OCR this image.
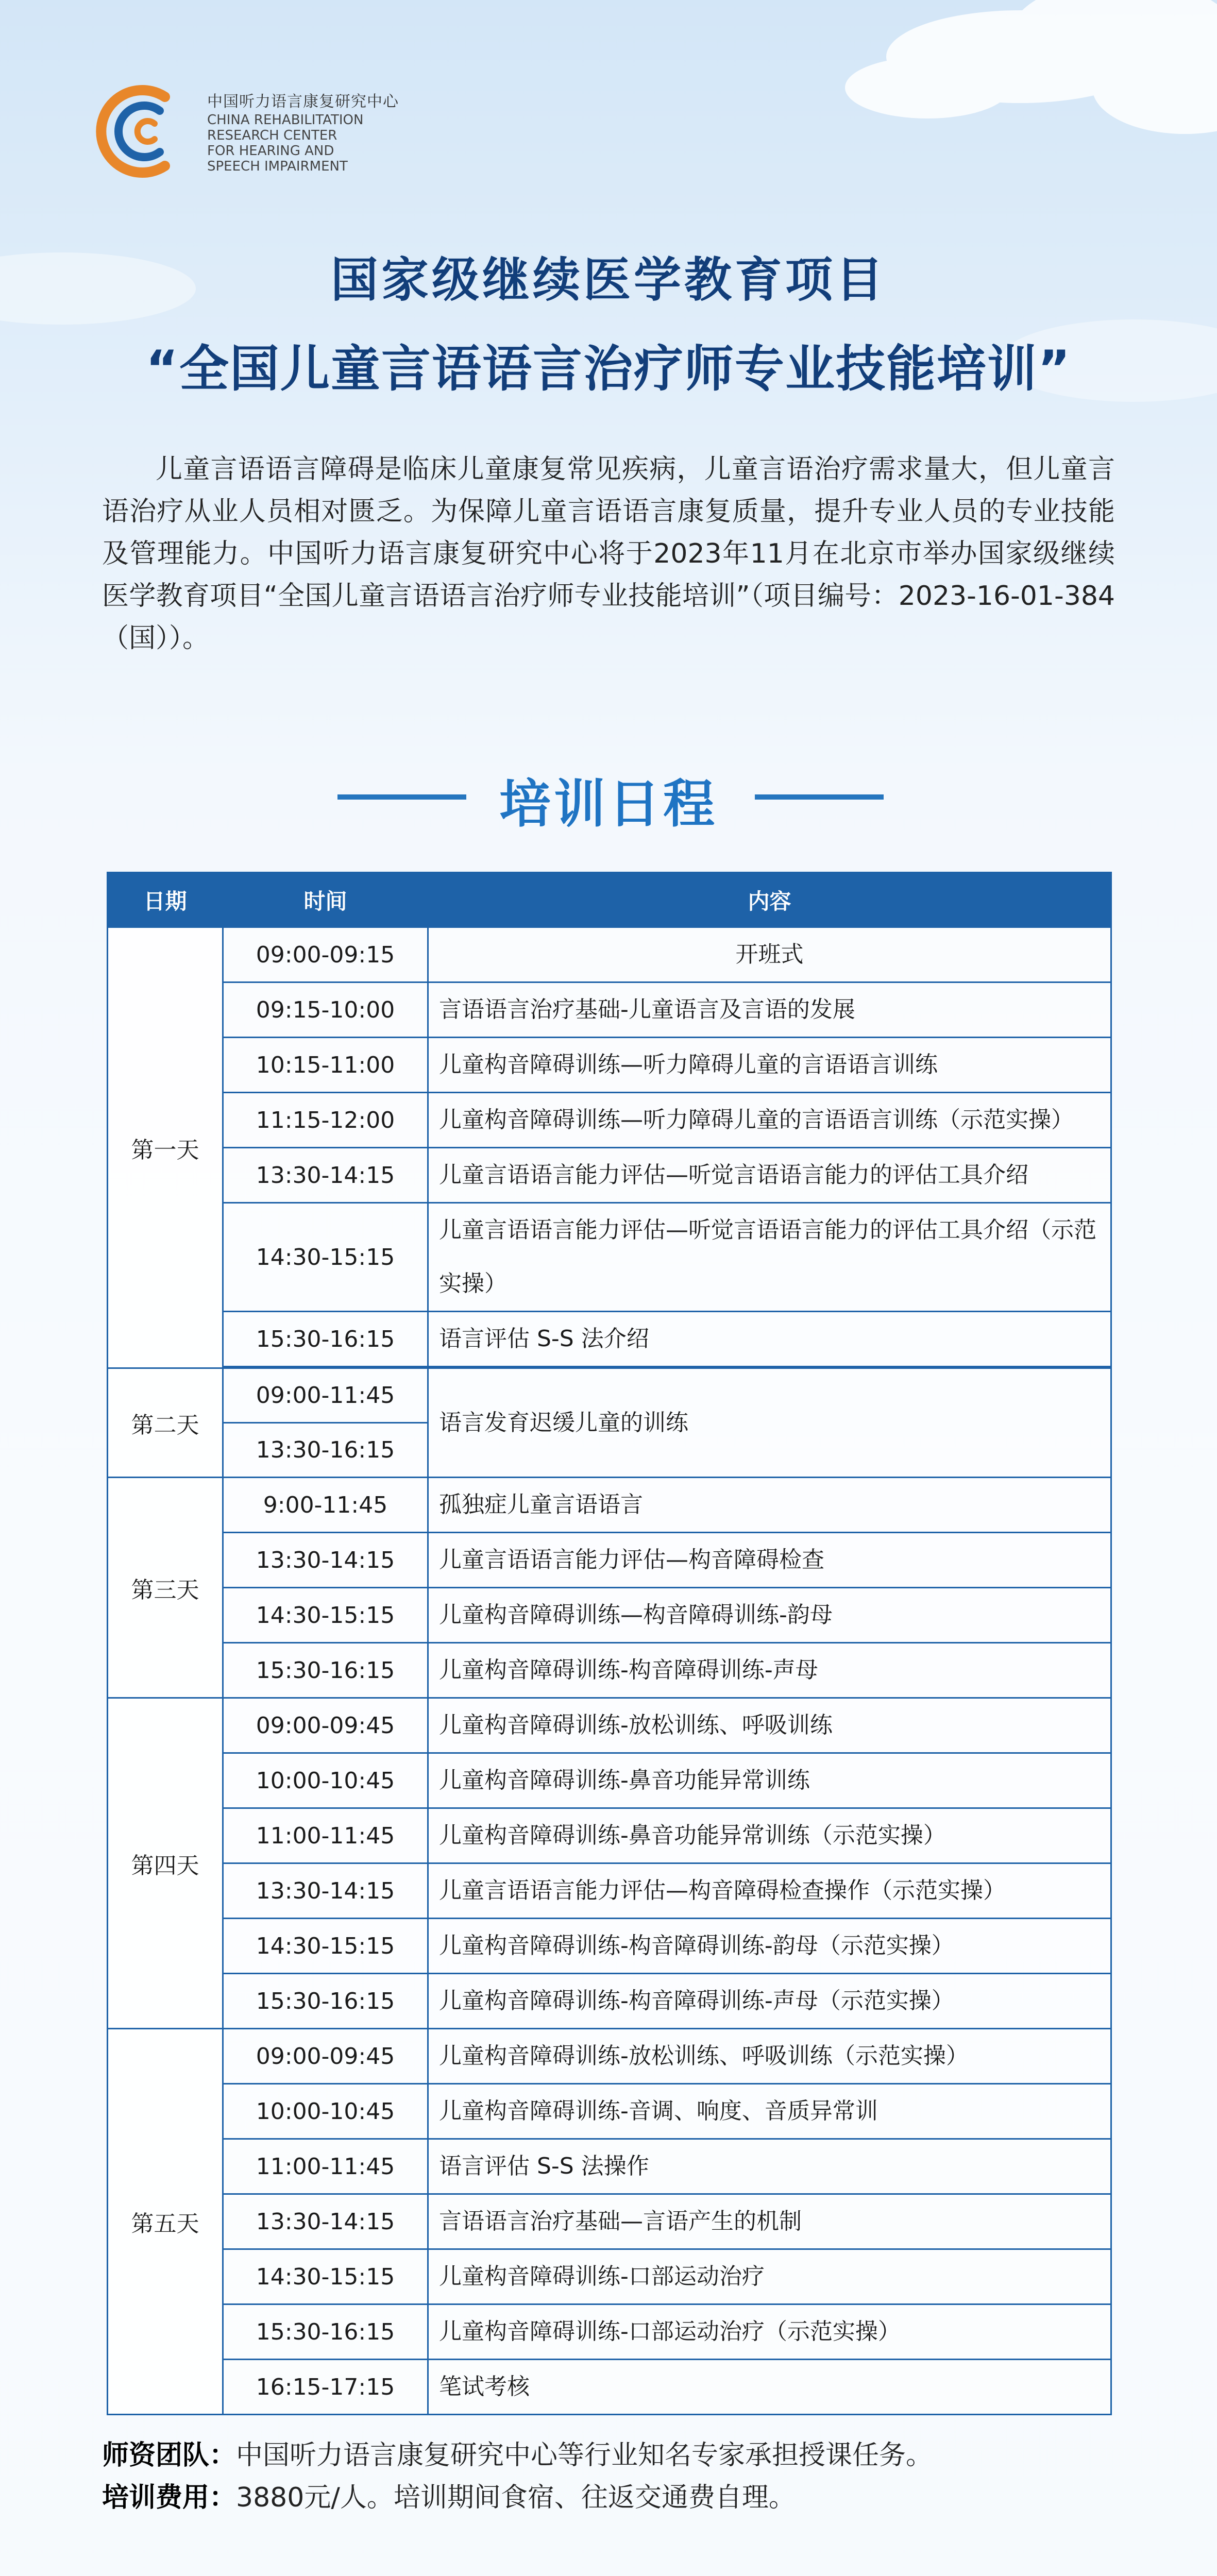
中国听力语言康复研究中心
CHINA REHABILITATION
RESEARCH CENTER
FOR HEARING AND
SPEECH IMPAIRMENT
国家级继续医学教育项目
“全国儿童言语语言治疗师专业技能培训”
儿童言语语言障碍是临床儿童康复常见疾病，儿童言语治疗需求量大，但儿童言语治疗从业人员相对匮乏。为保障儿童言语语言康复质量，提升专业人员的专业技能及管理能力。中国听力语言康复研究中心将于2023年11月在北京市举办国家级继续医学教育项目“全国儿童言语语言治疗师专业技能培训”（项目编号：2023-16-01-384（国））。
培训日程
日期	时间	内容
第一天	09:00-09:15	开班式
	09:15-10:00	言语语言治疗基础-儿童语言及言语的发展
	10:15-11:00	儿童构音障碍训练—听力障碍儿童的言语语言训练
	11:15-12:00	儿童构音障碍训练—听力障碍儿童的言语语言训练（示范实操）
	13:30-14:15	儿童言语语言能力评估—听觉言语语言能力的评估工具介绍
	14:30-15:15	儿童言语语言能力评估—听觉言语语言能力的评估工具介绍（示范实操）
	15:30-16:15	语言评估 S-S 法介绍

第二天	09:00-11:45	语言发育迟缓儿童的训练
	13:30-16:15	
第三天	9:00-11:45	孤独症儿童言语语言
	13:30-14:15	儿童言语语言能力评估—构音障碍检查
	14:30-15:15	儿童构音障碍训练—构音障碍训练-韵母
	15:30-16:15	儿童构音障碍训练-构音障碍训练-声母
第四天	09:00-09:45	儿童构音障碍训练-放松训练、呼吸训练
	10:00-10:45	儿童构音障碍训练-鼻音功能异常训练
	11:00-11:45	儿童构音障碍训练-鼻音功能异常训练（示范实操）
	13:30-14:15	儿童言语语言能力评估—构音障碍检查操作（示范实操）
	14:30-15:15	儿童构音障碍训练-构音障碍训练-韵母（示范实操）
	15:30-16:15	儿童构音障碍训练-构音障碍训练-声母（示范实操）
第五天	09:00-09:45	儿童构音障碍训练-放松训练、呼吸训练（示范实操）
	10:00-10:45	儿童构音障碍训练-音调、响度、音质异常训
	11:00-11:45	语言评估 S-S 法操作
	13:30-14:15	言语语言治疗基础—言语产生的机制
	14:30-15:15	儿童构音障碍训练-口部运动治疗
	15:30-16:15	儿童构音障碍训练-口部运动治疗（示范实操）
	16:15-17:15	笔试考核
师资团队：中国听力语言康复研究中心等行业知名专家承担授课任务。
培训费用：3880元/人。培训期间食宿、往返交通费自理。
